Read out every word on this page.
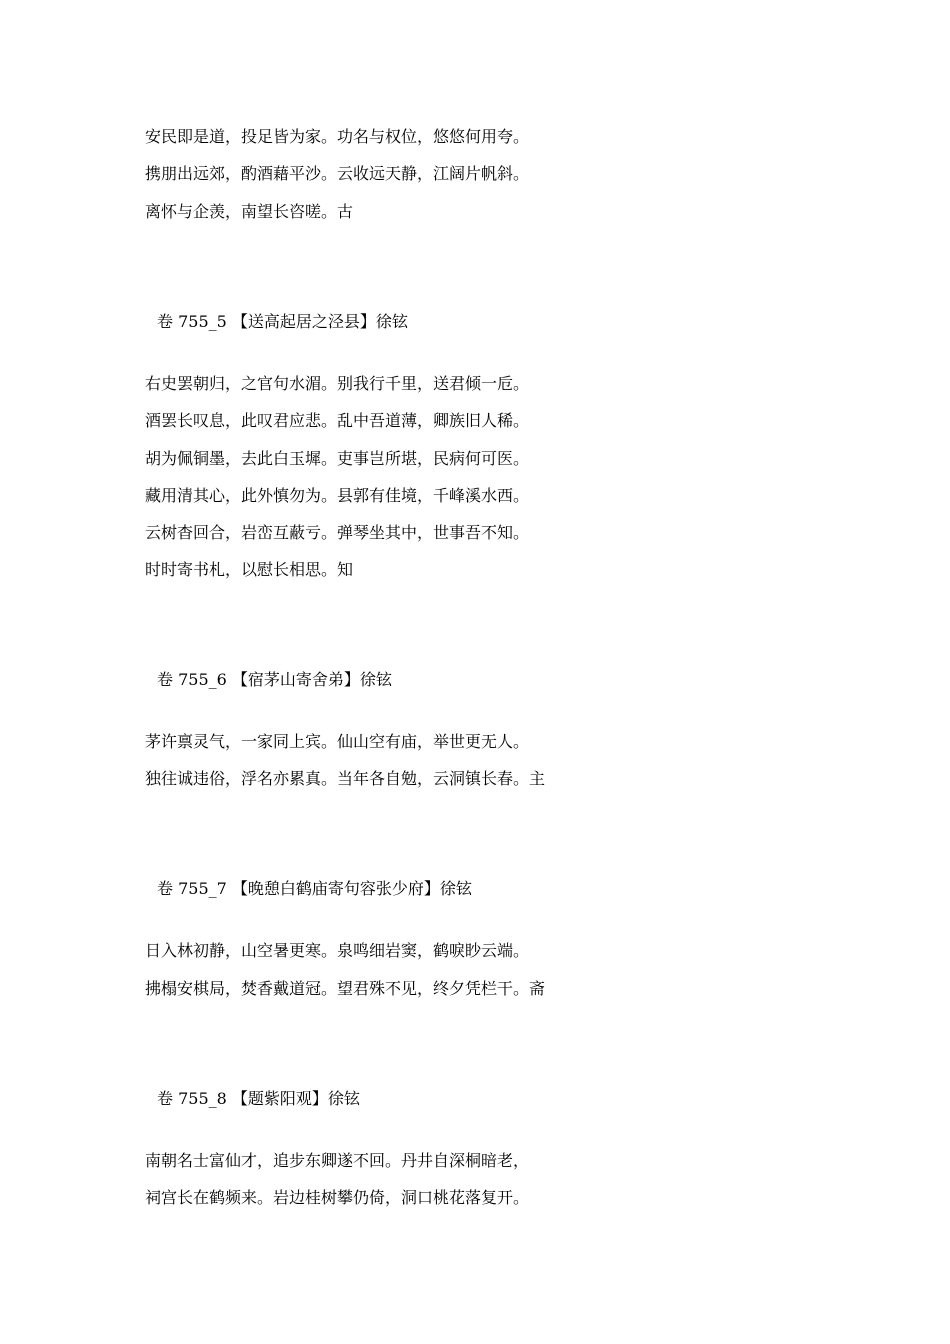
安民即是道，投足皆为家。功名与权位，悠悠何用夸。
携朋出远郊，酌酒藉平沙。云收远天静，江阔片帆斜。
离怀与企羡，南望长咨嗟。古
卷 755_5 【送高起居之泾县】徐铉
右史罢朝归，之官句水湄。别我行千里，送君倾一卮。
酒罢长叹息，此叹君应悲。乱中吾道薄，卿族旧人稀。
胡为佩铜墨，去此白玉墀。吏事岂所堪，民病何可医。
藏用清其心，此外慎勿为。县郭有佳境，千峰溪水西。
云树杳回合，岩峦互蔽亏。弹琴坐其中，世事吾不知。
时时寄书札，以慰长相思。知
卷 755_6 【宿茅山寄舍弟】徐铉
茅许禀灵气，一家同上宾。仙山空有庙，举世更无人。
独往诚违俗，浮名亦累真。当年各自勉，云洞镇长春。主
卷 755_7 【晚憩白鹤庙寄句容张少府】徐铉
日入林初静，山空暑更寒。泉鸣细岩窦，鹤唳眇云端。
拂榻安棋局，焚香戴道冠。望君殊不见，终夕凭栏干。斋
卷 755_8 【题紫阳观】徐铉
南朝名士富仙才，追步东卿遂不回。丹井自深桐暗老，
祠宫长在鹤频来。岩边桂树攀仍倚，洞口桃花落复开。
